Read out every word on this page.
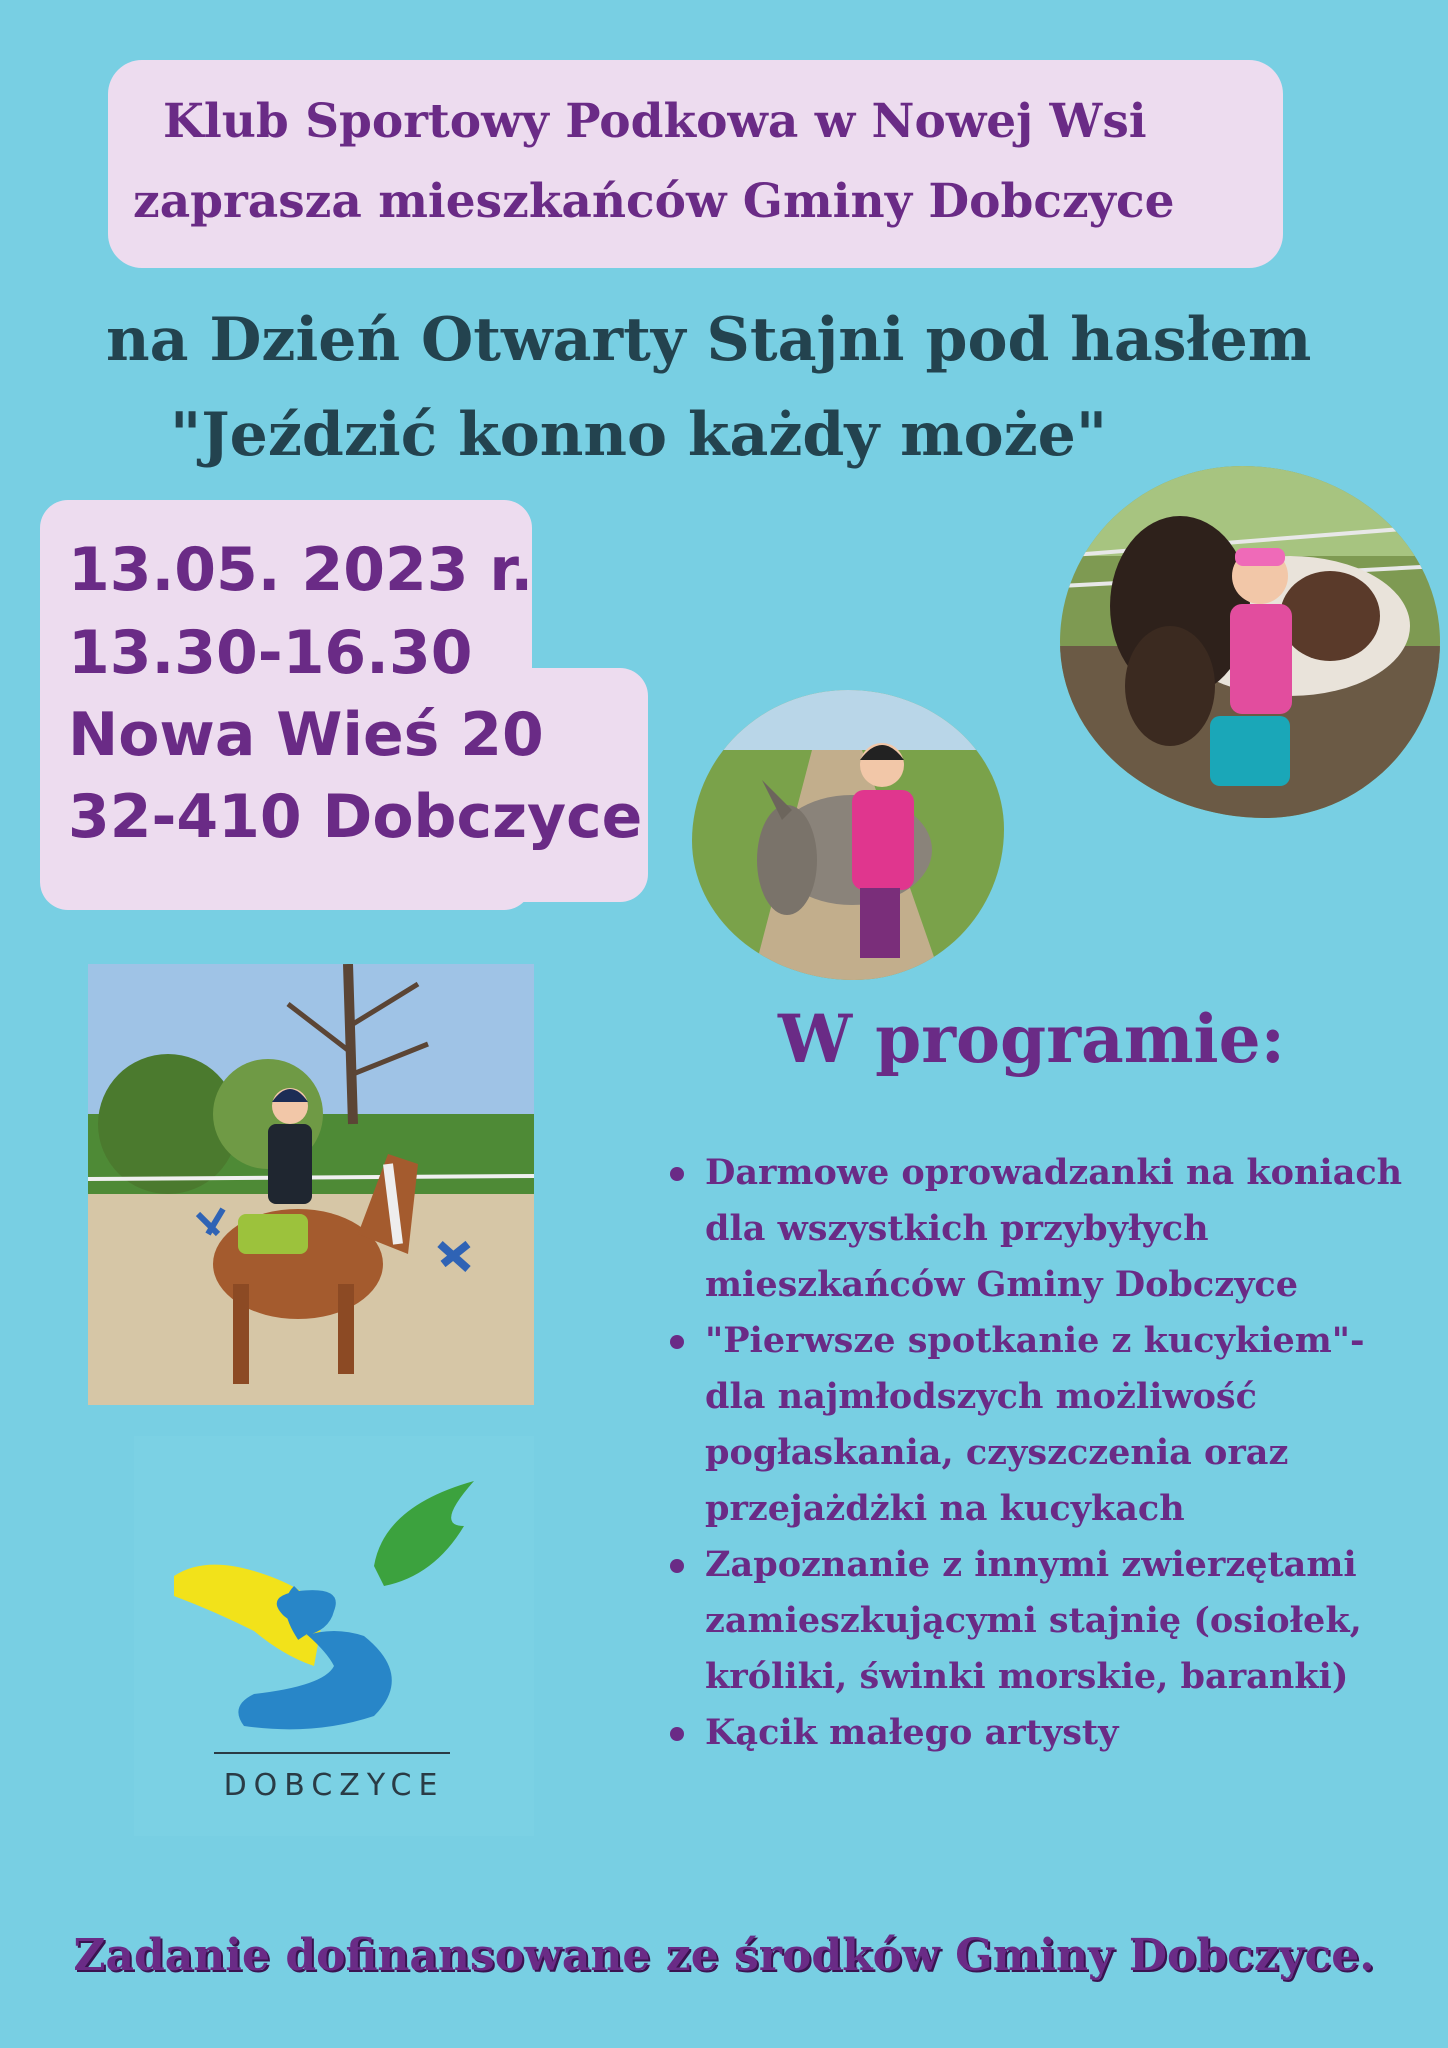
Klub Sportowy Podkowa w Nowej Wsi
zaprasza mieszkańców Gminy Dobczyce
na Dzień Otwarty Stajni pod hasłem
"Jeździć konno każdy może"
13.05. 2023 r.
13.30-16.30
Nowa Wieś 20
32-410 Dobczyce
DOBCZYCE
W programie:
Darmowe oprowadzanki na koniach
dla wszystkich przybyłych
mieszkańców Gminy Dobczyce
"Pierwsze spotkanie z kucykiem"-
dla najmłodszych możliwość
pogłaskania, czyszczenia oraz
przejażdżki na kucykach
Zapoznanie z innymi zwierzętami
zamieszkującymi stajnię (osiołek,
króliki, świnki morskie, baranki)
Kącik małego artysty
Zadanie dofinansowane ze środków Gminy Dobczyce.
